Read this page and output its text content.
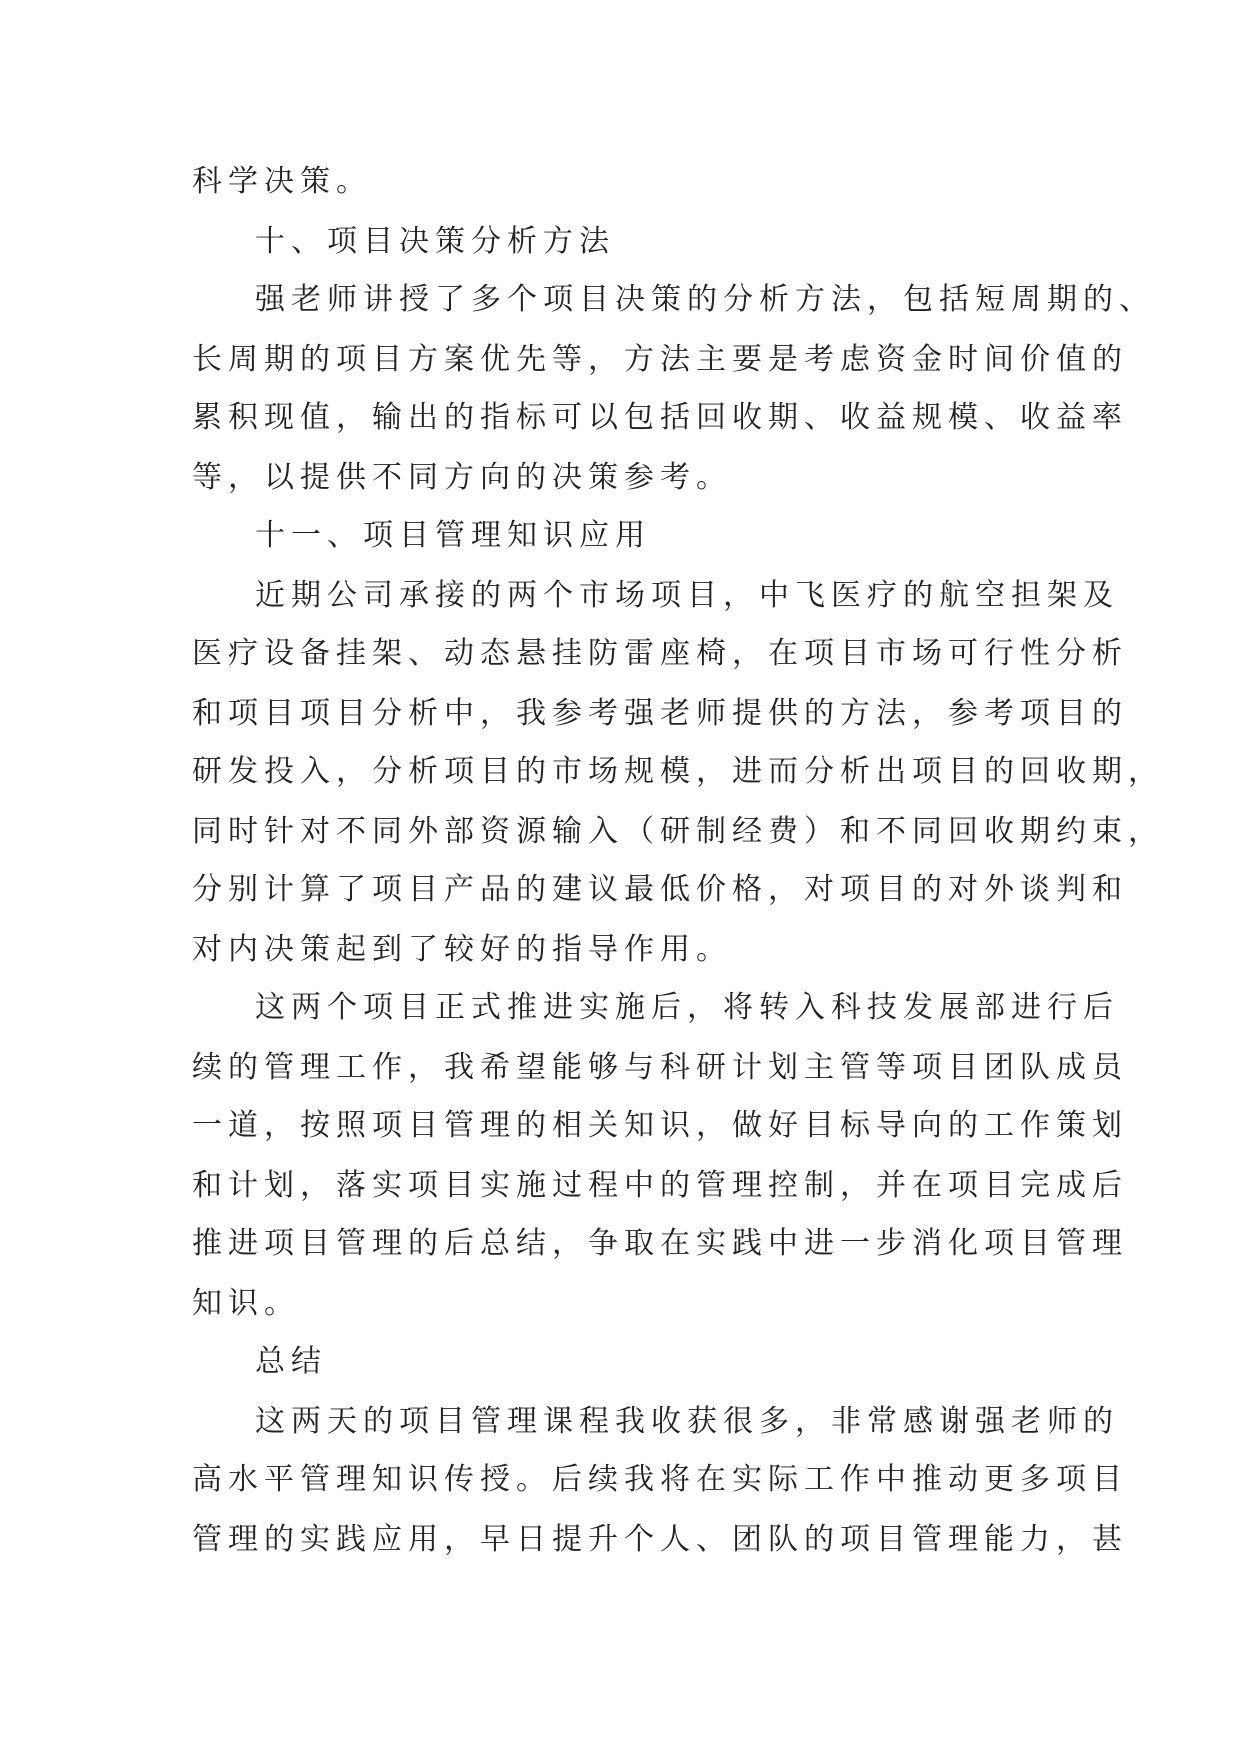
科学决策。
十、项目决策分析方法
强老师讲授了多个项目决策的分析方法，包括短周期的、
长周期的项目方案优先等，方法主要是考虑资金时间价值的
累积现值，输出的指标可以包括回收期、收益规模、收益率
等，以提供不同方向的决策参考。
十一、项目管理知识应用
近期公司承接的两个市场项目，中飞医疗的航空担架及
医疗设备挂架、动态悬挂防雷座椅，在项目市场可行性分析
和项目项目分析中，我参考强老师提供的方法，参考项目的
研发投入，分析项目的市场规模，进而分析出项目的回收期，
同时针对不同外部资源输入（研制经费）和不同回收期约束，
分别计算了项目产品的建议最低价格，对项目的对外谈判和
对内决策起到了较好的指导作用。
这两个项目正式推进实施后，将转入科技发展部进行后
续的管理工作，我希望能够与科研计划主管等项目团队成员
一道，按照项目管理的相关知识，做好目标导向的工作策划
和计划，落实项目实施过程中的管理控制，并在项目完成后
推进项目管理的后总结，争取在实践中进一步消化项目管理
知识。
总结
这两天的项目管理课程我收获很多，非常感谢强老师的
高水平管理知识传授。后续我将在实际工作中推动更多项目
管理的实践应用，早日提升个人、团队的项目管理能力，甚
